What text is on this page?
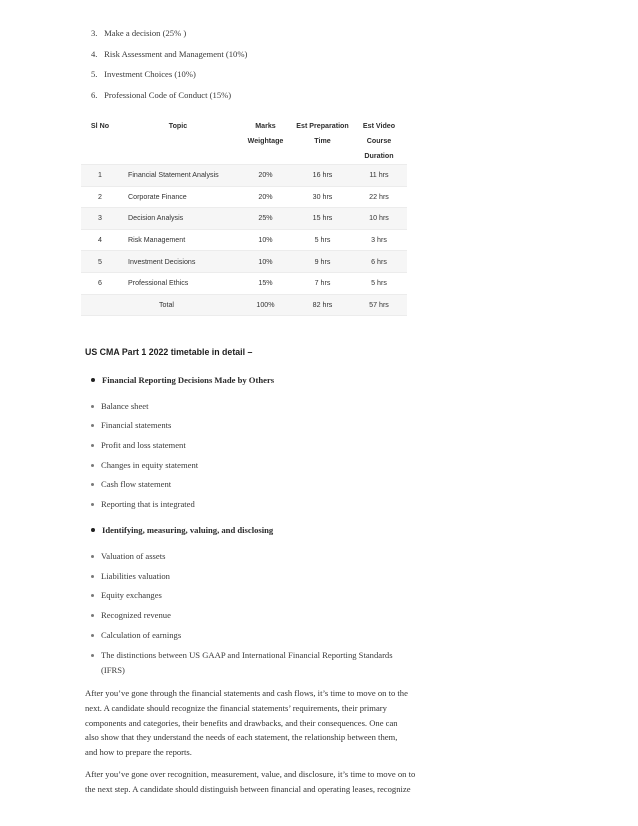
3. Make a decision (25% )
4. Risk Assessment and Management (10%)
5. Investment Choices (10%)
6. Professional Code of Conduct (15%)
Sl No	Topic	Marks Weightage	Est Preparation Time	Est Video Course Duration
1	Financial Statement Analysis	20%	16 hrs	11 hrs
2	Corporate Finance	20%	30 hrs	22 hrs
3	Decision Analysis	25%	15 hrs	10 hrs
4	Risk Management	10%	5 hrs	3 hrs
5	Investment Decisions	10%	9 hrs	6 hrs
6	Professional Ethics	15%	7 hrs	5 hrs
	Total	100%	82 hrs	57 hrs
US CMA Part 1 2022 timetable in detail –
Financial Reporting Decisions Made by Others
Balance sheet
Financial statements
Profit and loss statement
Changes in equity statement
Cash flow statement
Reporting that is integrated
Identifying, measuring, valuing, and disclosing
Valuation of assets
Liabilities valuation
Equity exchanges
Recognized revenue
Calculation of earnings
The distinctions between US GAAP and International Financial Reporting Standards
(IFRS)
After you’ve gone through the financial statements and cash flows, it’s time to move on to the
next. A candidate should recognize the financial statements’ requirements, their primary
components and categories, their benefits and drawbacks, and their consequences. One can
also show that they understand the needs of each statement, the relationship between them,
and how to prepare the reports.
After you’ve gone over recognition, measurement, value, and disclosure, it’s time to move on to
the next step. A candidate should distinguish between financial and operating leases, recognize
